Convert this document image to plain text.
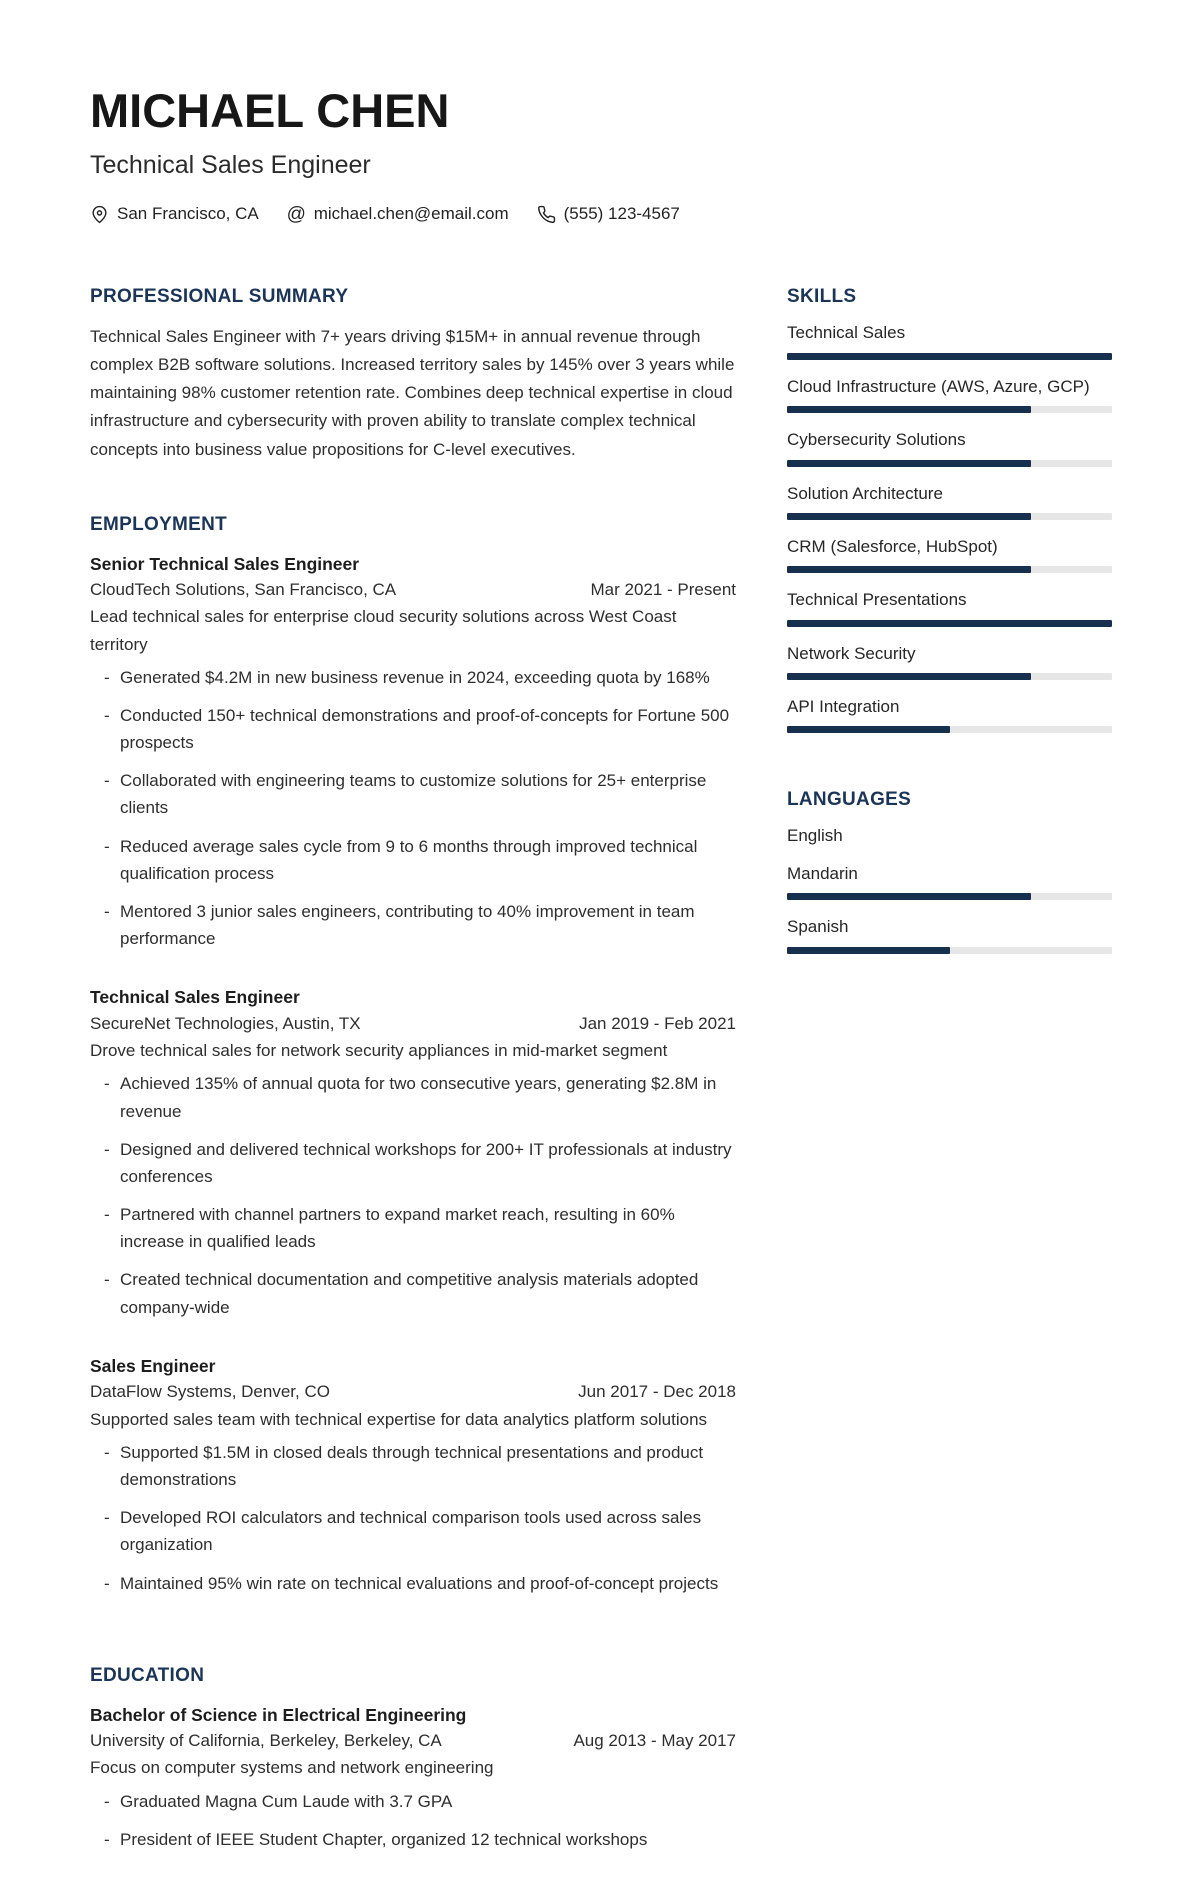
MICHAEL CHEN
Technical Sales Engineer
San Francisco, CA @ michael.chen@email.com	(555) 123-4567
PROFESSIONAL SUMMARY

Technical Sales Engineer with 7+ years driving $15M+ in annual revenue through complex B2B software solutions. Increased territory sales by 145% over 3 years while maintaining 98% customer retention rate. Combines deep technical expertise in cloud infrastructure and cybersecurity with proven ability to translate complex technical concepts into business value propositions for C-level executives.

EMPLOYMENT
Senior Technical Sales Engineer
CloudTech Solutions, San Francisco, CA	Mar 2021 - Present
Lead technical sales for enterprise cloud security solutions across West Coast territory
- Generated $4.2M in new business revenue in 2024, exceeding quota by 168%
- Conducted 150+ technical demonstrations and proof-of-concepts for Fortune 500 prospects
- Collaborated with engineering teams to customize solutions for 25+ enterprise clients
- Reduced average sales cycle from 9 to 6 months through improved technical qualification process
- Mentored 3 junior sales engineers, contributing to 40% improvement in team performance
Technical Sales Engineer
SecureNet Technologies, Austin, TX	Jan 2019 - Feb 2021
Drove technical sales for network security appliances in mid-market segment
- Achieved 135% of annual quota for two consecutive years, generating $2.8M in revenue
- Designed and delivered technical workshops for 200+ IT professionals at industry conferences
- Partnered with channel partners to expand market reach, resulting in 60% increase in qualified leads
- Created technical documentation and competitive analysis materials adopted company-wide
Sales Engineer
DataFlow Systems, Denver, CO	Jun 2017 - Dec 2018
Supported sales team with technical expertise for data analytics platform solutions
- Supported $1.5M in closed deals through technical presentations and product demonstrations
- Developed ROI calculators and technical comparison tools used across sales organization
- Maintained 95% win rate on technical evaluations and proof-of-concept projects
EDUCATION
Bachelor of Science in Electrical Engineering
University of California, Berkeley, Berkeley, CA	Aug 2013 - May 2017
Focus on computer systems and network engineering
- Graduated Magna Cum Laude with 3.7 GPA
- President of IEEE Student Chapter, organized 12 technical workshops
SKILLS
Technical Sales
Cloud Infrastructure (AWS, Azure, GCP)
Cybersecurity Solutions
Solution Architecture
CRM (Salesforce, HubSpot)
Technical Presentations
Network Security
API Integration
LANGUAGES
English
Mandarin
Spanish
